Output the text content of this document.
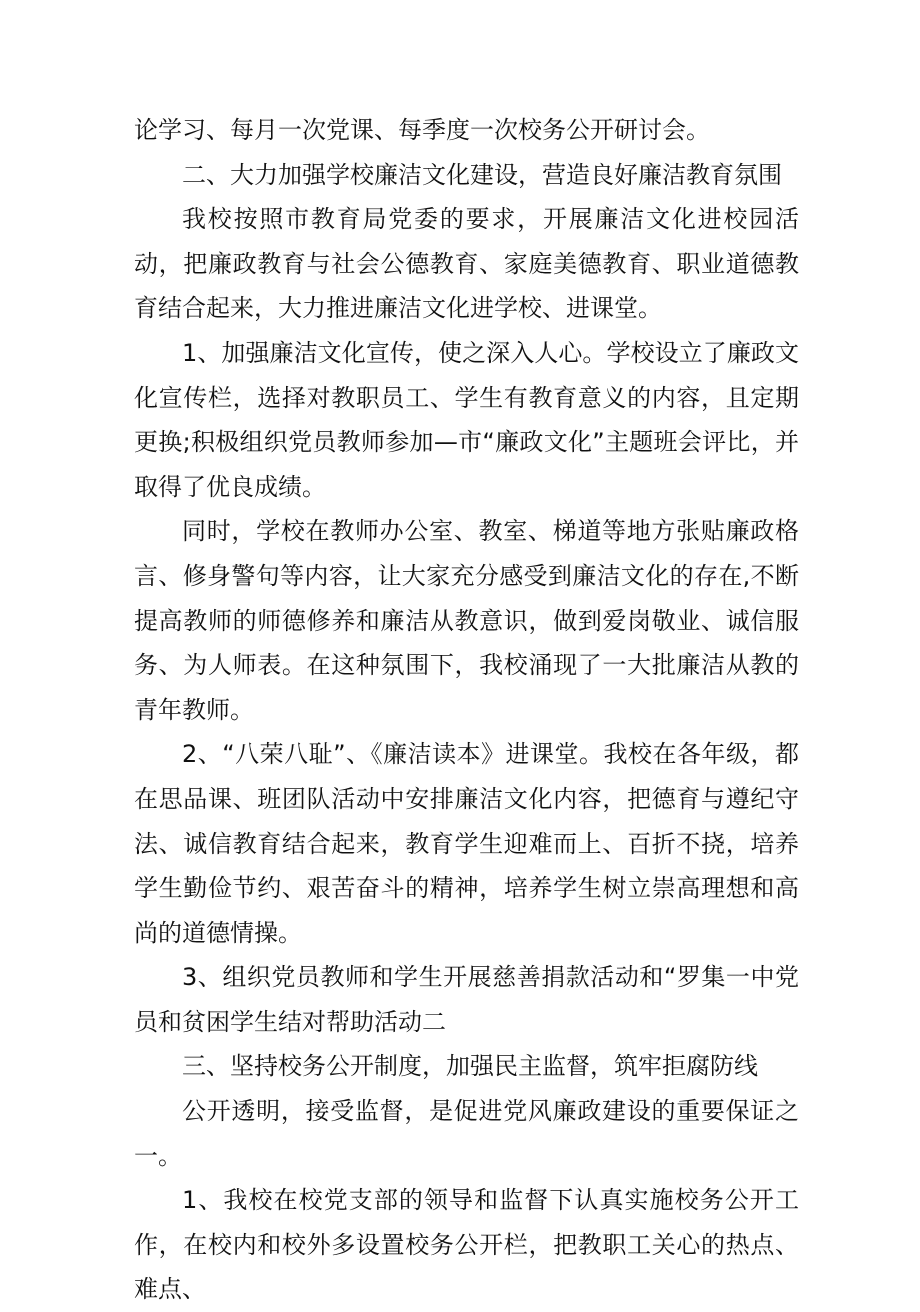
论学习、每月一次党课、每季度一次校务公开研讨会。

二、大力加强学校廉洁文化建设，营造良好廉洁教育氛围

我校按照市教育局党委的要求，开展廉洁文化进校园活动，把廉政教育与社会公德教育、家庭美德教育、职业道德教育结合起来，大力推进廉洁文化进学校、进课堂。

1、加强廉洁文化宣传，使之深入人心。学校设立了廉政文化宣传栏，选择对教职员工、学生有教育意义的内容，且定期更换;积极组织党员教师参加—市“廉政文化”主题班会评比，并取得了优良成绩。

同时，学校在教师办公室、教室、梯道等地方张贴廉政格言、修身警句等内容，让大家充分感受到廉洁文化的存在,不断提高教师的师德修养和廉洁从教意识，做到爱岗敬业、诚信服务、为人师表。在这种氛围下，我校涌现了一大批廉洁从教的青年教师。

2、“八荣八耻”、《廉洁读本》进课堂。我校在各年级，都在思品课、班团队活动中安排廉洁文化内容，把德育与遵纪守法、诚信教育结合起来，教育学生迎难而上、百折不挠，培养学生勤俭节约、艰苦奋斗的精神，培养学生树立崇高理想和高尚的道德情操。

3、组织党员教师和学生开展慈善捐款活动和“罗集一中党员和贫困学生结对帮助活动二

三、坚持校务公开制度，加强民主监督，筑牢拒腐防线

公开透明，接受监督，是促进党风廉政建设的重要保证之一。

1、我校在校党支部的领导和监督下认真实施校务公开工作，在校内和校外多设置校务公开栏，把教职工关心的热点、难点、
